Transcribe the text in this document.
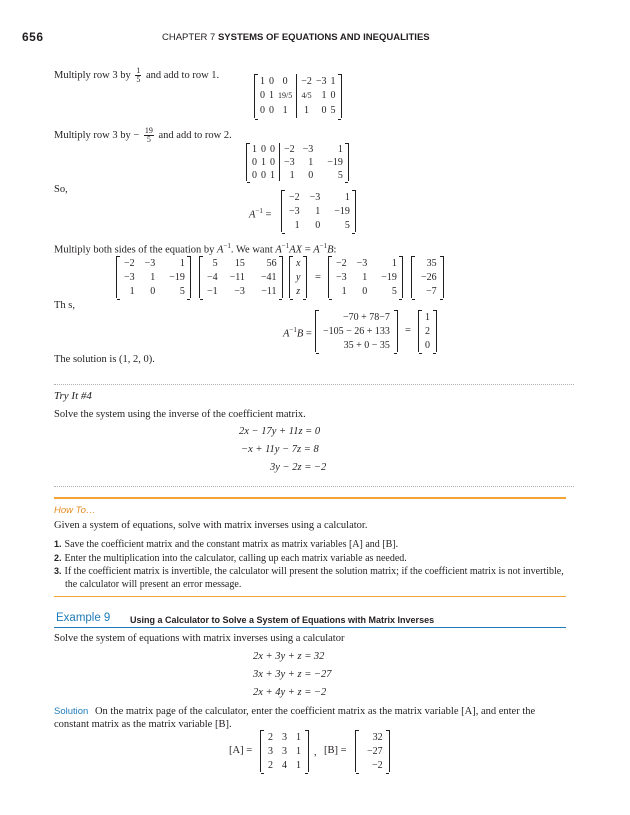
656	CHAPTER 7 SYSTEMS OF EQUATIONS AND INEQUALITIES
Multiply row 3 by $\frac{1}{5}$ and add to row 1.
1
0
0
0
1
0
0
19/5
1
−2
4/5
1
−3
1
0
1
0
5
Multiply row 3 by − $\frac{19}{5}$ and add to row 2.
1
0
0
0
1
0
0
0
1
−2
−3
1
−3
1
0
1
−19
5
So,
$A^{-1}$ =
−2
−3
1
−3
1
0
1
−19
5
Multiply both sides of the equation by $A^{-1}$. We want $A^{-1}AX = A^{-1}B$:
−2
−3
1
−3
1
0
1
−19
5
5
−4
−1
15
−11
−3
56
−41
−11
x
y
z
=
−2
−3
1
−3
1
0
1
−19
5
35
−26
−7
Th s,
$A^{-1}B$ =
−70 + 78−7
−105 − 26 + 133
35 + 0 − 35
=
1
2
0
The solution is (1, 2, 0).
Try It #4
Solve the system using the inverse of the coefficient matrix.
2x − 17y + 11z = 0
−x + 11y − 7z = 8
3y − 2z = −2
How To…
Given a system of equations, solve with matrix inverses using a calculator.
1. Save the coefficient matrix and the constant matrix as matrix variables [A] and [B].
2. Enter the multiplication into the calculator, calling up each matrix variable as needed.
3. If the coefficient matrix is invertible, the calculator will present the solution matrix; if the coefficient matrix is not invertible, the calculator will present an error message.
Example 9 Using a Calculator to Solve a System of Equations with Matrix Inverses
Solve the system of equations with matrix inverses using a calculator
2x + 3y + z = 32
3x + 3y + z = −27
2x + 4y + z = −2
Solution On the matrix page of the calculator, enter the coefficient matrix as the matrix variable [A], and enter the
constant matrix as the matrix variable [B].
[A] =
2
3
2
3
3
4
1
1
1
, [B] =
32
−27
−2
